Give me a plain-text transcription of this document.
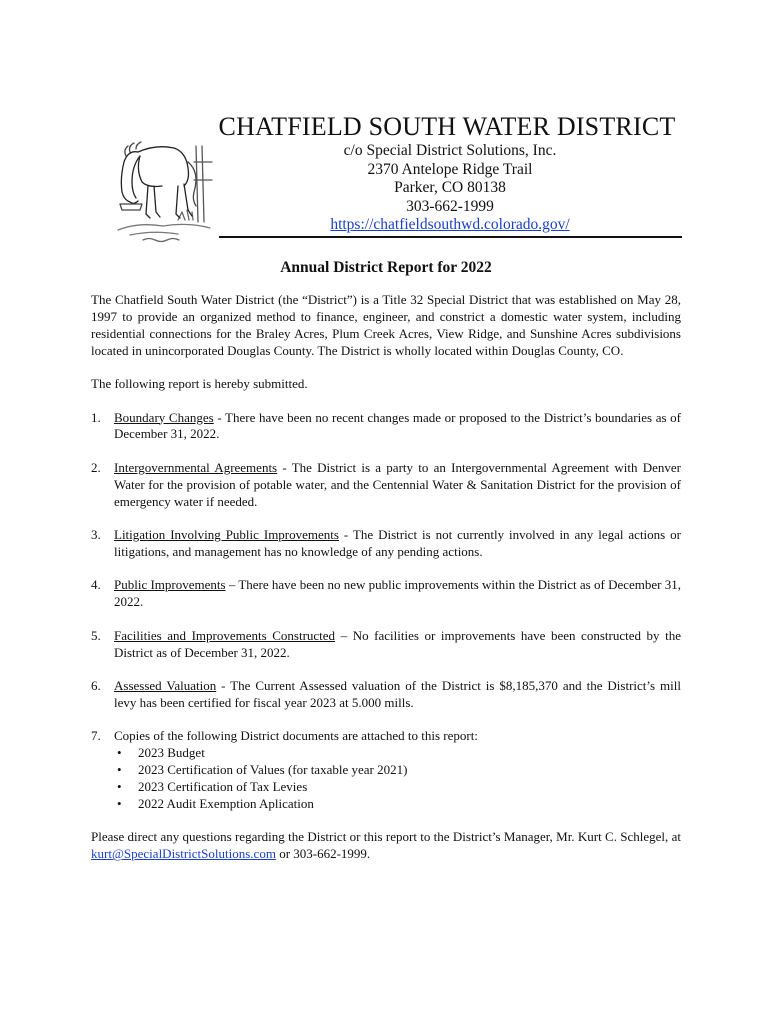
CHATFIELD SOUTH WATER DISTRICT
c/o Special District Solutions, Inc.
2370 Antelope Ridge Trail
Parker, CO 80138
303-662-1999
https://chatfieldsouthwd.colorado.gov/
Annual District Report for 2022

The Chatfield South Water District (the “District”) is a Title 32 Special District that was established on May 28, 1997 to provide an organized method to finance, engineer, and constrict a domestic water system, including residential connections for the Braley Acres, Plum Creek Acres, View Ridge, and Sunshine Acres subdivisions located in unincorporated Douglas County. The District is wholly located within Douglas County, CO.

The following report is hereby submitted.

1. Boundary Changes - There have been no recent changes made or proposed to the District’s boundaries as of December 31, 2022.
2. Intergovernmental Agreements - The District is a party to an Intergovernmental Agreement with Denver Water for the provision of potable water, and the Centennial Water & Sanitation District for the provision of emergency water if needed.
3. Litigation Involving Public Improvements - The District is not currently involved in any legal actions or litigations, and management has no knowledge of any pending actions.
4. Public Improvements – There have been no new public improvements within the District as of December 31, 2022.
5. Facilities and Improvements Constructed – No facilities or improvements have been constructed by the District as of December 31, 2022.
6. Assessed Valuation - The Current Assessed valuation of the District is $8,185,370 and the District’s mill levy has been certified for fiscal year 2023 at 5.000 mills.
7. Copies of the following District documents are attached to this report:
• 2023 Budget
• 2023 Certification of Values (for taxable year 2021)
• 2023 Certification of Tax Levies
• 2022 Audit Exemption Aplication

Please direct any questions regarding the District or this report to the District’s Manager, Mr. Kurt C. Schlegel, at kurt@SpecialDistrictSolutions.com or 303-662-1999.
